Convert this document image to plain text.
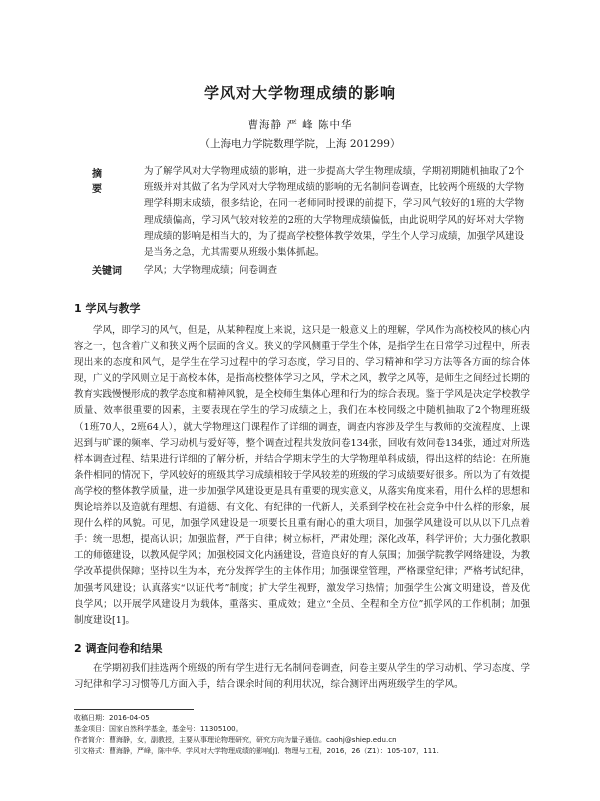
学风对大学物理成绩的影响
曹海静 严 峰 陈中华
（上海电力学院数理学院，上海 201299）
摘 要
为了解学风对大学物理成绩的影响，进一步提高大学生物理成绩，学期初期随机抽取了2个班级并对其做了名为学风对大学物理成绩的影响的无名制问卷调查，比较两个班级的大学物理学科期末成绩，很多结论，在同一老师同时授课的前提下，学习风气较好的1班的大学物理成绩偏高，学习风气较对较差的2班的大学物理成绩偏低，由此说明学风的好坏对大学物理成绩的影响是相当大的，为了提高学校整体教学效果，学生个人学习成绩，加强学风建设是当务之急，尤其需要从班级小集体抓起。
关键词	学风；大学物理成绩；问卷调查
1 学风与教学
学风，即学习的风气，但是，从某种程度上来说，这只是一般意义上的理解，学风作为高校校风的核心内容之一，包含着广义和狭义两个层面的含义。狭义的学风侧重于学生个体，是指学生在日常学习过程中，所表现出来的态度和风气，是学生在学习过程中的学习态度，学习目的、学习精神和学习方法等各方面的综合体现，广义的学风则立足于高校本体，是指高校整体学习之风，学术之风，教学之风等，是师生之间经过长期的教育实践慢慢形成的教学态度和精神风貌，是全校师生集体心理和行为的综合表现。鉴于学风是决定学校教学质量、效率很重要的因素，主要表现在学生的学习成绩之上，我们在本校同级之中随机抽取了2个物理班级（1班70人，2班64人），就大学物理这门课程作了详细的调查，调查内容涉及学生与教师的交流程度、上课迟到与旷课的频率、学习动机与爱好等，整个调查过程共发放问卷134张，回收有效问卷134张，通过对所选样本调查过程、结果进行详细的了解分析，并结合学期末学生的大学物理单科成绩，得出这样的结论：在所施条件相同的情况下，学风较好的班级其学习成绩相较于学风较差的班级的学习成绩要好很多。所以为了有效提高学校的整体教学质量，进一步加强学风建设更是具有重要的现实意义，从落实角度来看，用什么样的思想和舆论培养以及造就有理想、有道德、有文化、有纪律的一代新人，关系到学校在社会竞争中什么样的形象，展现什么样的风貌。可见，加强学风建设是一项要长且重有耐心的重大项目，加强学风建设可以从以下几点着手：统一思想，提高认识；加强监督，严于自律；树立标杆，严肃处理；深化改革，科学评价；大力强化教职工的师德建设，以教风促学风；加强校园文化内涵建设，营造良好的育人氛围；加强学院教学网络建设，为教学改革提供保障；坚持以生为本，充分发挥学生的主体作用；加强课堂管理，严格课堂纪律；严格考试纪律，加强考风建设；认真落实“以证代考”制度；扩大学生视野，激发学习热情；加强学生公寓文明建设，普及优良学风；以开展学风建设月为载体，重落实、重成效；建立“全员、全程和全方位”抓学风的工作机制；加强制度建设[1]。
2 调查问卷和结果
在学期初我们挂选两个班级的所有学生进行无名制问卷调查，问卷主要从学生的学习动机、学习态度、学习纪律和学习习惯等几方面入手，结合课余时间的利用状况，综合测评出两班级学生的学风。
收稿日期：2016-04-05
基金项目：国家自然科学基金，基金号：11305100。
作者简介：曹海静，女，副教授，主要从事理论物理研究，研究方向为量子通信。caohj@shiep.edu.cn
引文格式：曹海静，严峰，陈中华．学风对大学物理成绩的影响[J]．物理与工程，2016，26（Z1）：105-107，111.
